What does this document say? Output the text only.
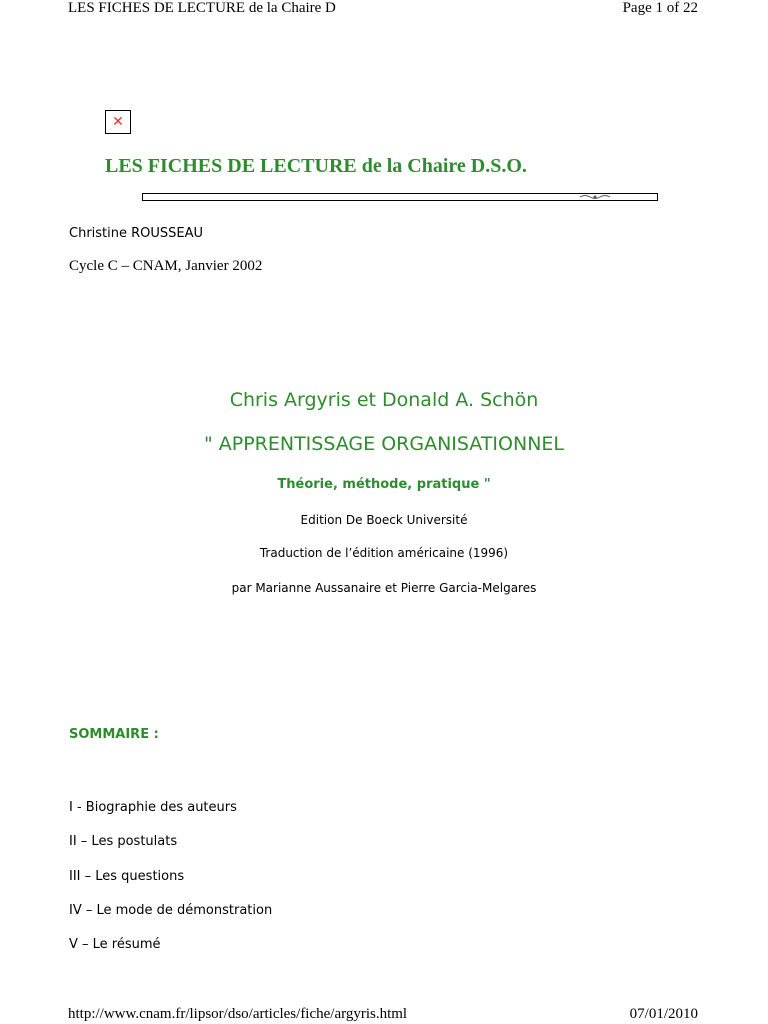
LES FICHES DE LECTURE de la Chaire D	Page 1 of 22
✕
LES FICHES DE LECTURE de la Chaire D.S.O.
Christine ROUSSEAU
Cycle C – CNAM, Janvier 2002
Chris Argyris et Donald A. Schön
" APPRENTISSAGE ORGANISATIONNEL
Théorie, méthode, pratique "
Edition De Boeck Université
Traduction de l’édition américaine (1996)
par Marianne Aussanaire et Pierre Garcia-Melgares
SOMMAIRE :
I - Biographie des auteurs
II – Les postulats
III – Les questions
IV – Le mode de démonstration
V – Le résumé
http://www.cnam.fr/lipsor/dso/articles/fiche/argyris.html	07/01/2010
